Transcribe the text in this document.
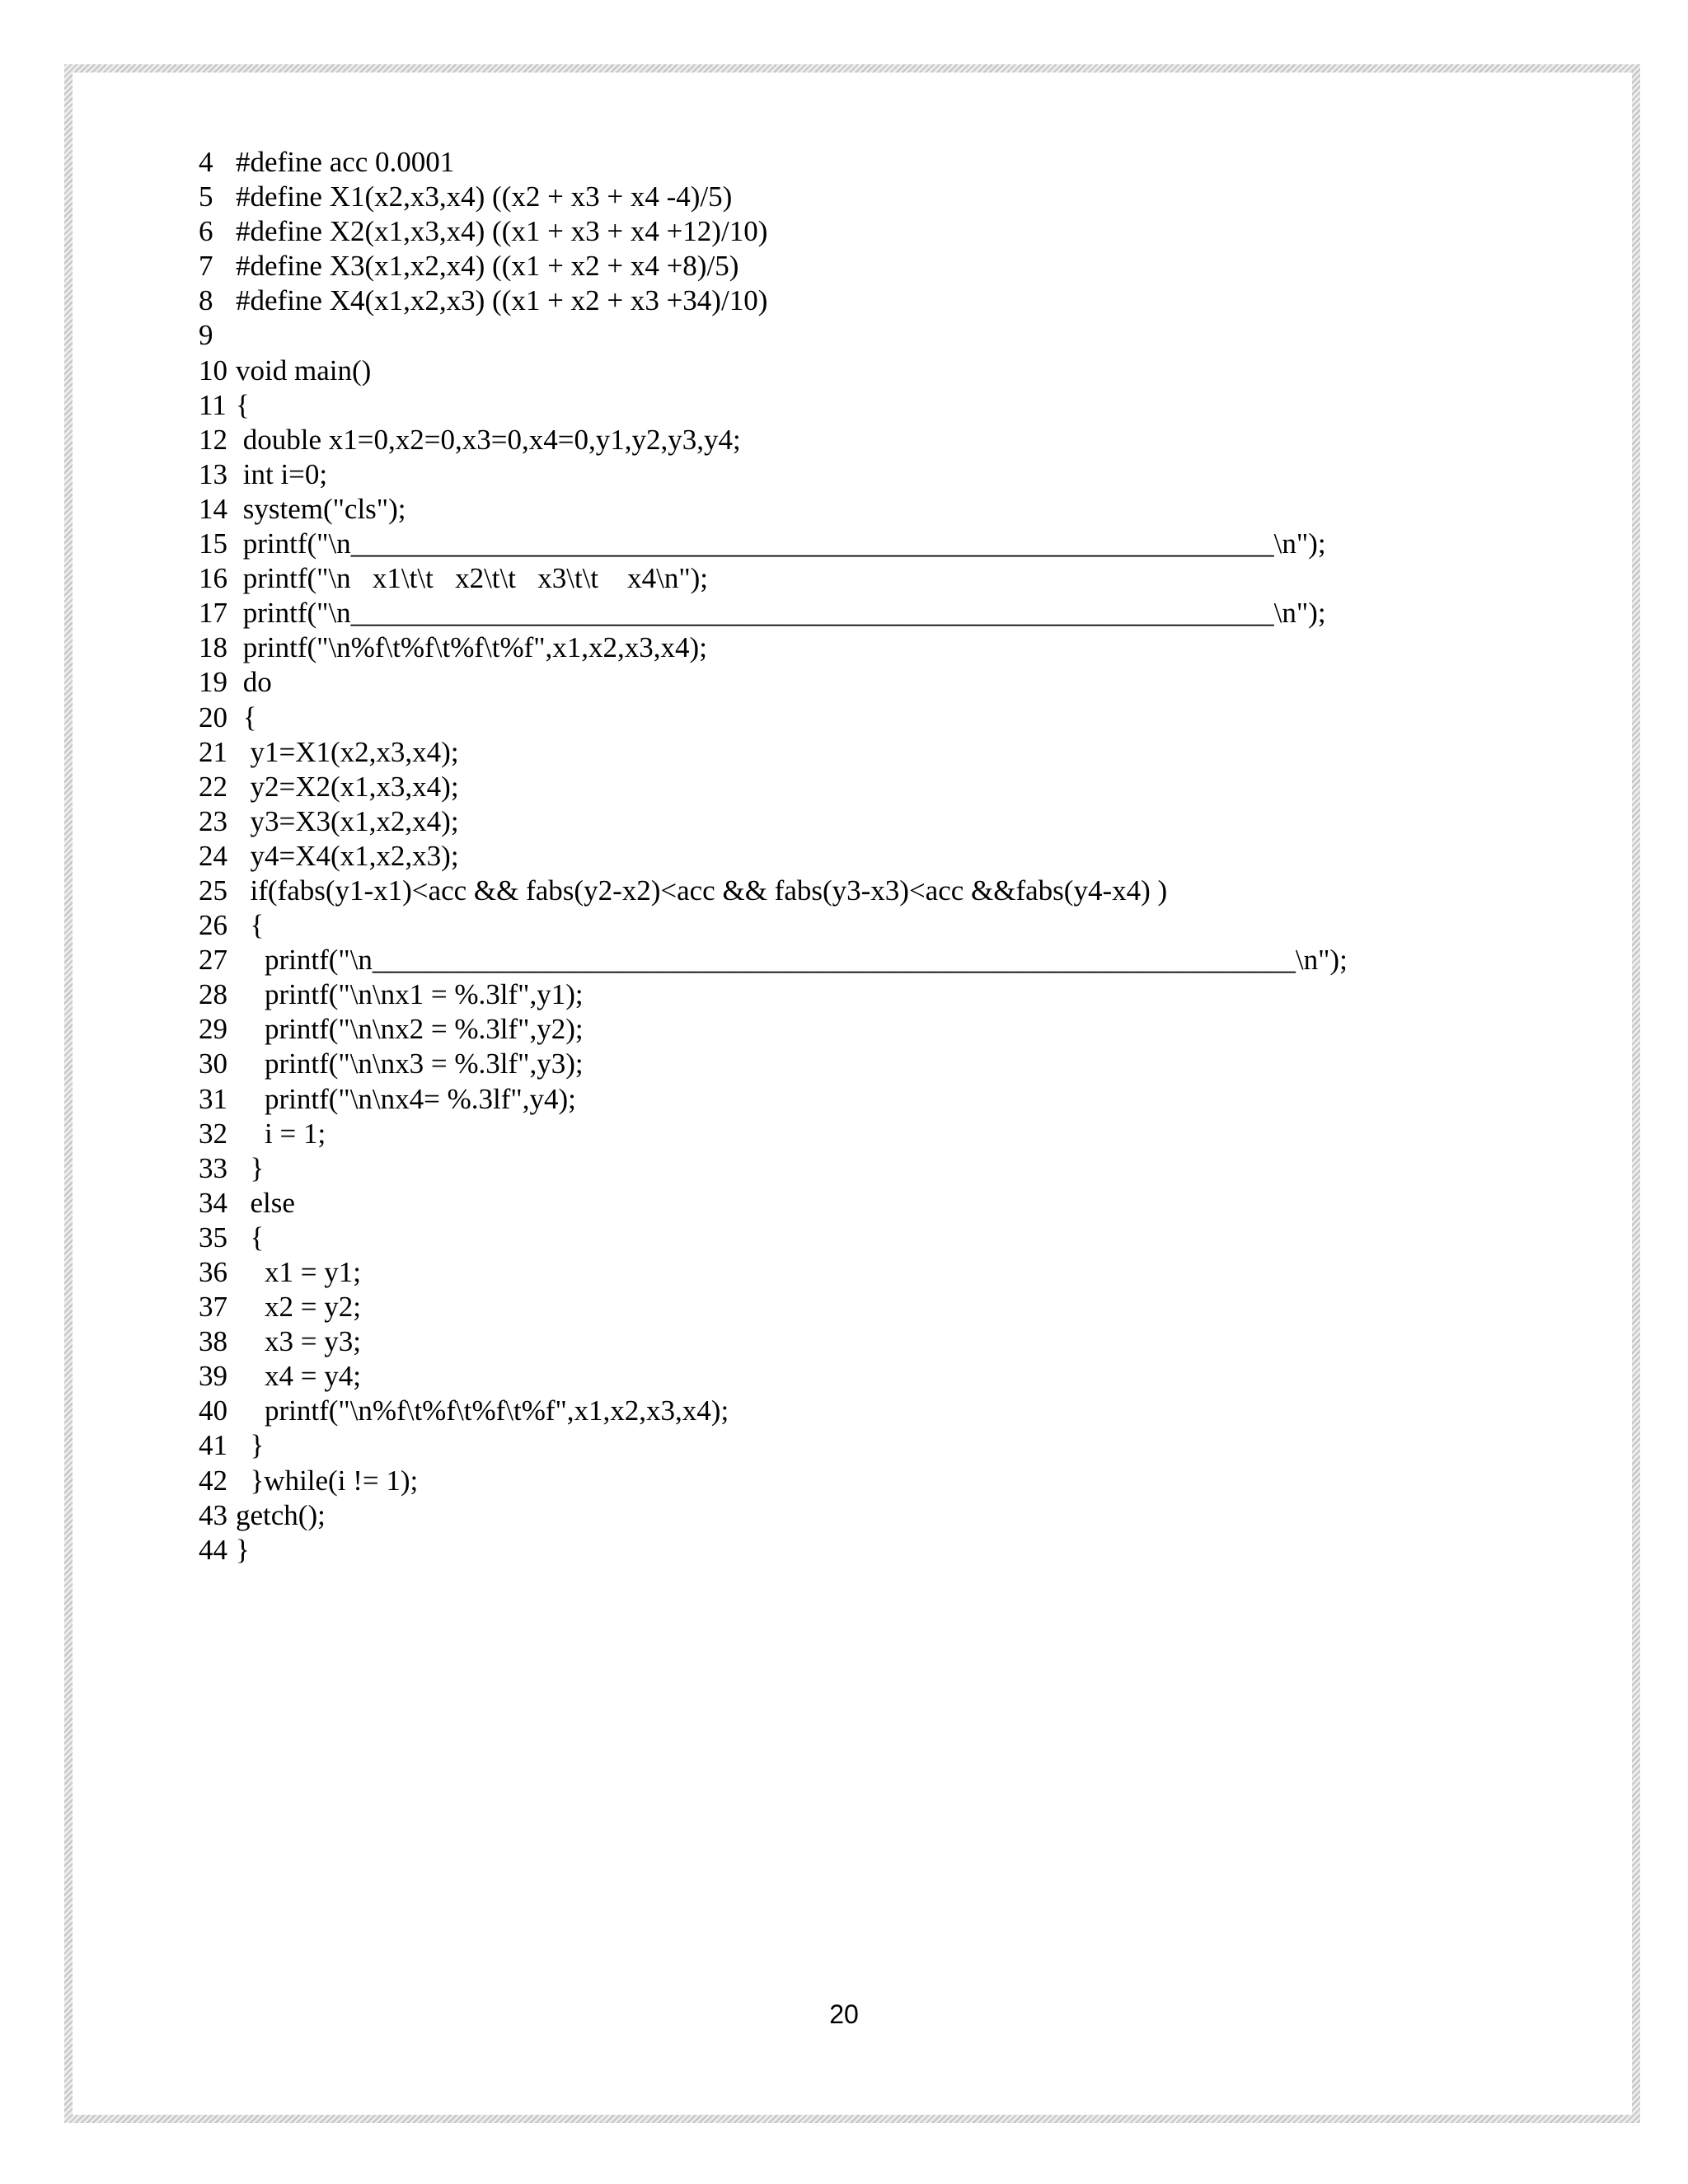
4 #define acc 0.0001
5 #define X1(x2,x3,x4) ((x2 + x3 + x4 -4)/5)
6 #define X2(x1,x3,x4) ((x1 + x3 + x4 +12)/10)
7 #define X3(x1,x2,x4) ((x1 + x2 + x4 +8)/5)
8 #define X4(x1,x2,x3) ((x1 + x2 + x3 +34)/10)
9
10 void main()
11 {
12 double x1=0,x2=0,x3=0,x4=0,y1,y2,y3,y4;
13 int i=0;
14 system("cls");
15 printf("\n________________________________________________________________\n");
16 printf("\n   x1\t\t   x2\t\t   x3\t\t    x4\n");
17 printf("\n________________________________________________________________\n");
18 printf("\n%f\t%f\t%f\t%f",x1,x2,x3,x4);
19 do
20 {
21 y1=X1(x2,x3,x4);
22 y2=X2(x1,x3,x4);
23 y3=X3(x1,x2,x4);
24 y4=X4(x1,x2,x3);
25 if(fabs(y1-x1)<acc && fabs(y2-x2)<acc && fabs(y3-x3)<acc &&fabs(y4-x4) )
26 {
27 printf("\n________________________________________________________________\n");
28 printf("\n\nx1 = %.3lf",y1);
29 printf("\n\nx2 = %.3lf",y2);
30 printf("\n\nx3 = %.3lf",y3);
31 printf("\n\nx4= %.3lf",y4);
32 i = 1;
33 }
34 else
35 {
36 x1 = y1;
37 x2 = y2;
38 x3 = y3;
39 x4 = y4;
40 printf("\n%f\t%f\t%f\t%f",x1,x2,x3,x4);
41 }
42 }while(i != 1);
43 getch();
44 }
20
